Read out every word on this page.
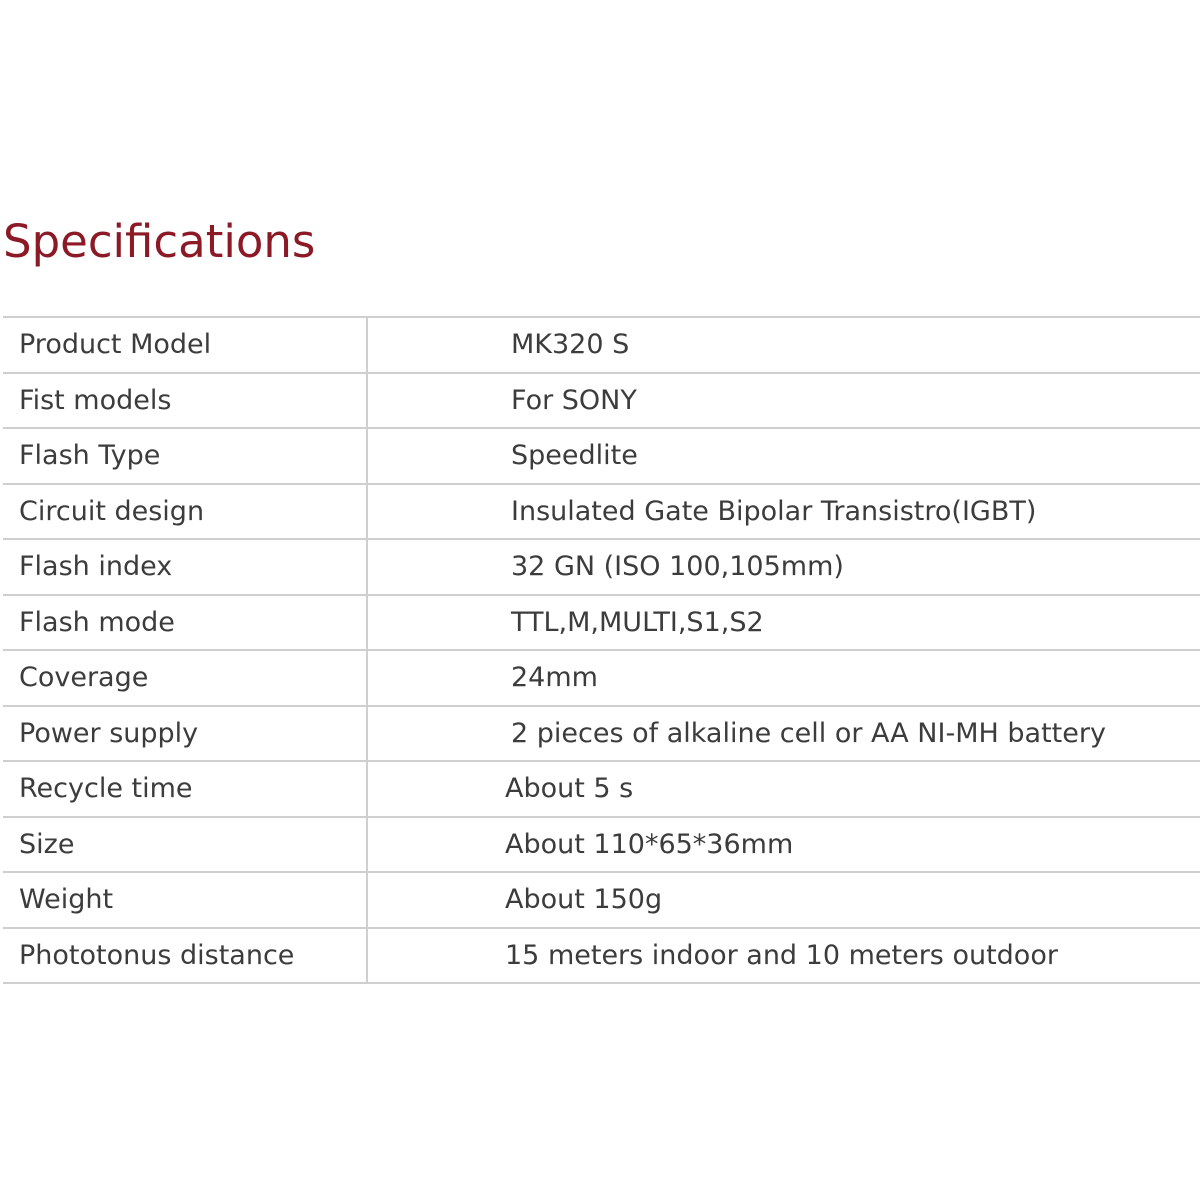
Specifications
Product Model	MK320 S
Fist models	For SONY
Flash Type	Speedlite
Circuit design	Insulated Gate Bipolar Transistro(IGBT)
Flash index	32 GN (ISO 100,105mm)
Flash mode	TTL,M,MULTI,S1,S2
Coverage	24mm
Power supply	2 pieces of alkaline cell or AA NI-MH battery
Recycle time	About 5 s
Size	About 110*65*36mm
Weight	About 150g
Phototonus distance	15 meters indoor and 10 meters outdoor
